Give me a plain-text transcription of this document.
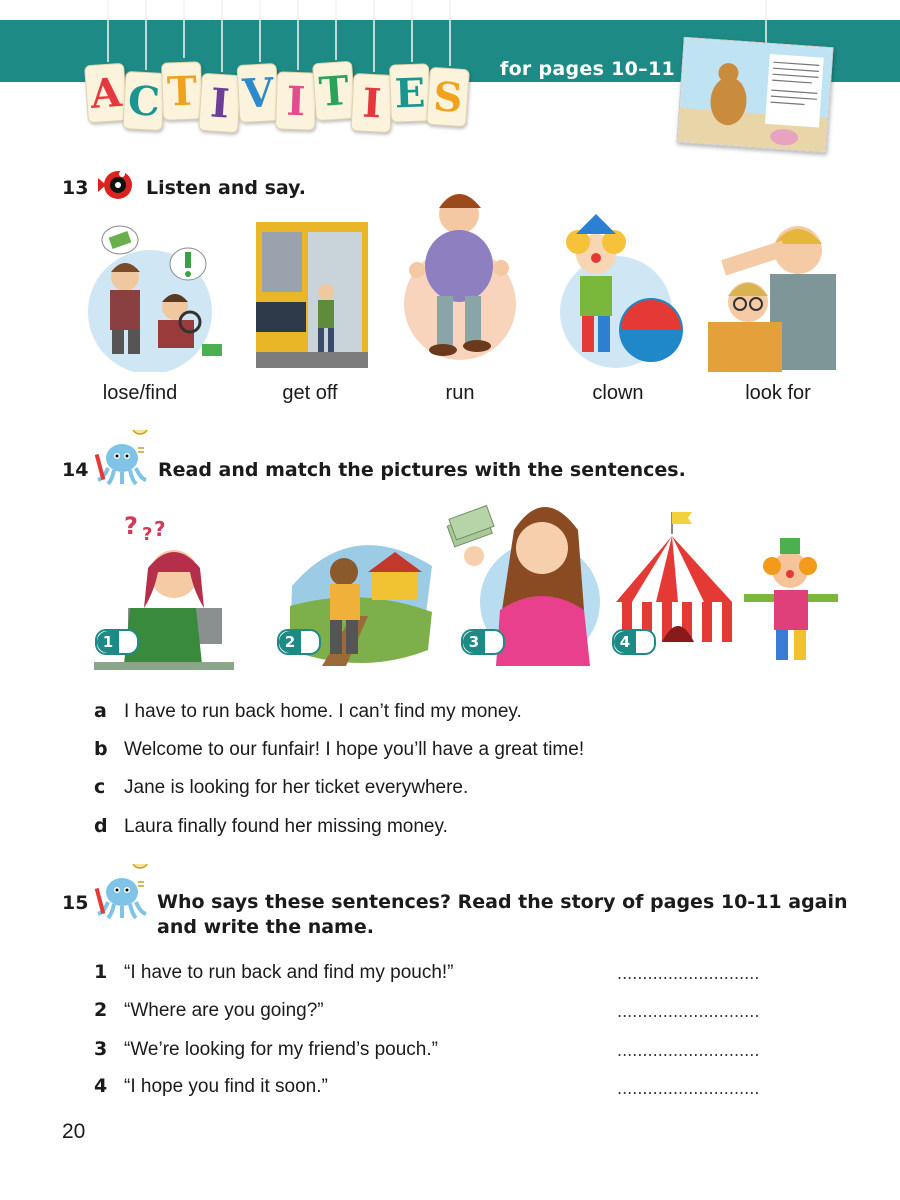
A C T I V I T I E S
for pages 10–11
13	Listen and say.
lose/find	get off	run	clown	look for
14	Read and match the pictures with the sentences.
? ? ?
1	2	3	4
a I have to run back home. I can’t find my money.
b Welcome to our funfair! I hope you’ll have a great time!
c Jane is looking for her ticket everywhere.
d Laura finally found her missing money.
15	Who says these sentences? Read the story of pages 10-11 again
and write the name.
1 “I have to run back and find my pouch!”	............................
2 “Where are you going?”	............................
3 “We’re looking for my friend’s pouch.”	............................
4 “I hope you find it soon.”	............................
20
